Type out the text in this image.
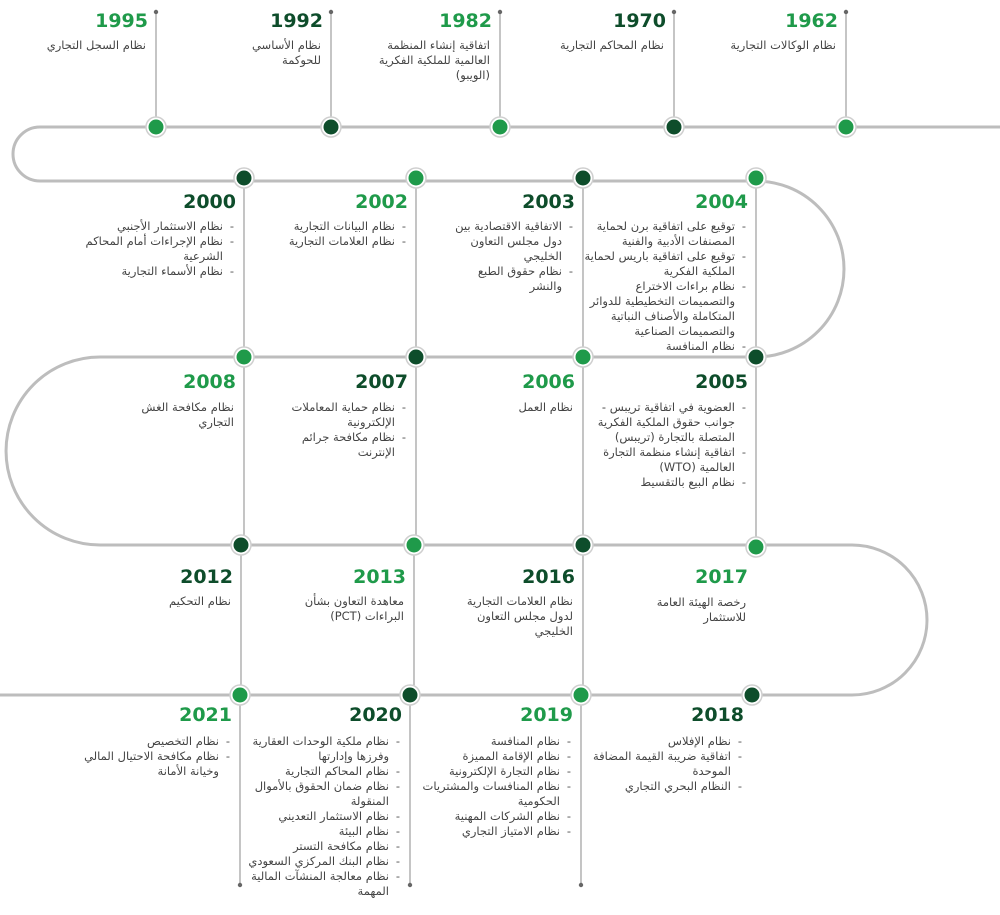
1962
نظام الوكالات التجارية
1970
نظام المحاكم التجارية
1982
اتفاقية إنشاء المنظمة العالمية للملكية الفكرية (الويبو)
1992
نظام الأساسي للحوكمة
1995
نظام السجل التجاري
2004
- توقيع على اتفاقية برن لحماية المصنفات الأدبية والفنية
- توقيع على اتفاقية باريس لحماية الملكية الفكرية
- نظام براءات الاختراع والتصميمات التخطيطية للدوائر المتكاملة والأصناف النباتية والتصميمات الصناعية
- نظام المنافسة
2003
- الاتفاقية الاقتصادية بين دول مجلس التعاون الخليجي
- نظام حقوق الطبع والنشر
2002
- نظام البيانات التجارية
- نظام العلامات التجارية
2000
- نظام الاستثمار الأجنبي
- نظام الإجراءات أمام المحاكم الشرعية
- نظام الأسماء التجارية
2005
- العضوية في اتفاقية تريبس - جوانب حقوق الملكية الفكرية المتصلة بالتجارة (تريبس)
- اتفاقية إنشاء منظمة التجارة العالمية (WTO)
- نظام البيع بالتقسيط
2006
نظام العمل
2007
- نظام حماية المعاملات الإلكترونية
- نظام مكافحة جرائم الإنترنت
2008
نظام مكافحة الغش التجاري
2017
رخصة الهيئة العامة للاستثمار
2016
نظام العلامات التجارية لدول مجلس التعاون الخليجي
2013
معاهدة التعاون بشأن البراءات (PCT)
2012
نظام التحكيم
2018
- نظام الإفلاس
- اتفاقية ضريبة القيمة المضافة الموحدة
- النظام البحري التجاري
2019
- نظام المنافسة
- نظام الإقامة المميزة
- نظام التجارة الإلكترونية
- نظام المنافسات والمشتريات الحكومية
- نظام الشركات المهنية
- نظام الامتياز التجاري
2020
- نظام ملكية الوحدات العقارية وفرزها وإدارتها
- نظام المحاكم التجارية
- نظام ضمان الحقوق بالأموال المنقولة
- نظام الاستثمار التعديني
- نظام البيئة
- نظام مكافحة التستر
- نظام البنك المركزي السعودي
- نظام معالجة المنشآت المالية المهمة
2021
- نظام التخصيص
- نظام مكافحة الاحتيال المالي وخيانة الأمانة
